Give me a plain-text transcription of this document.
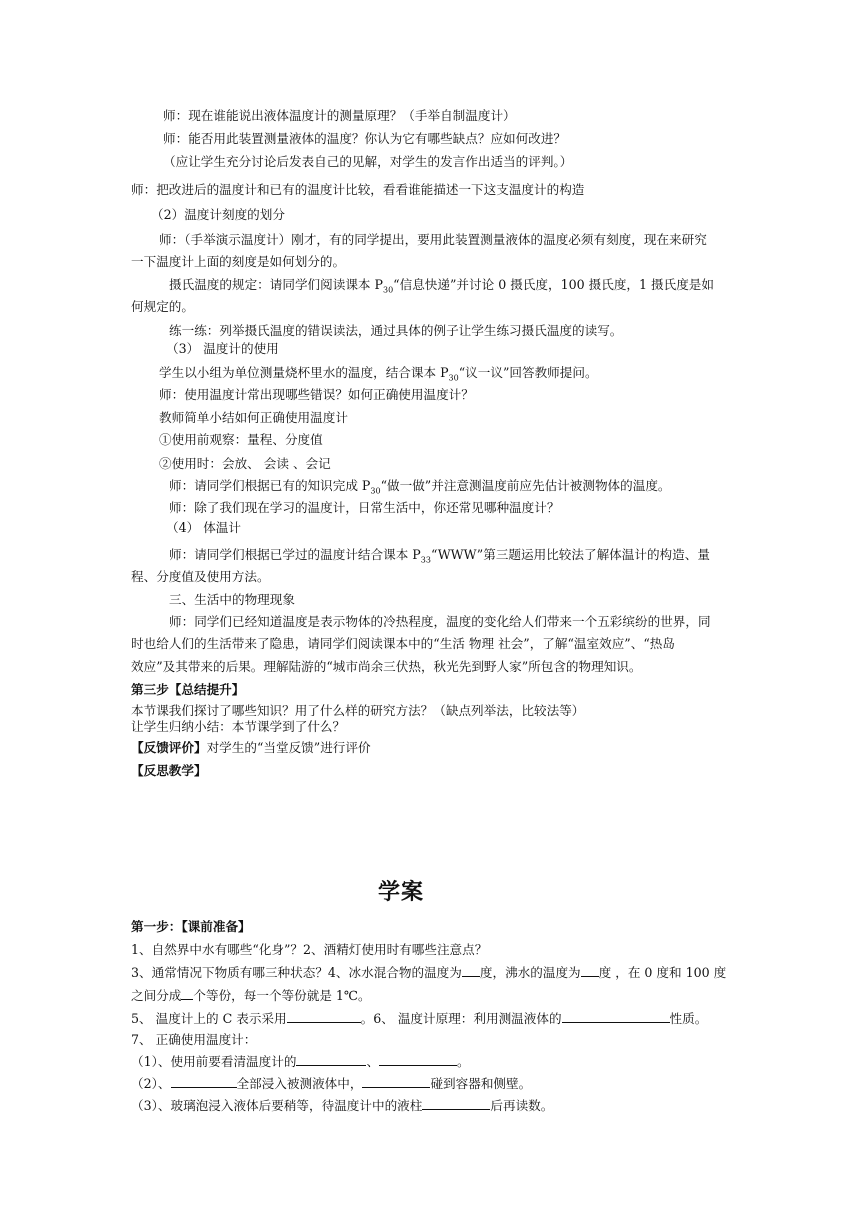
师：现在谁能说出液体温度计的测量原理？（手举自制温度计）
师：能否用此装置测量液体的温度？你认为它有哪些缺点？应如何改进？
（应让学生充分讨论后发表自己的见解，对学生的发言作出适当的评判。）
师：把改进后的温度计和已有的温度计比较，看看谁能描述一下这支温度计的构造
（2）温度计刻度的划分
师：（手举演示温度计）刚才，有的同学提出，要用此装置测量液体的温度必须有刻度，现在来研究
一下温度计上面的刻度是如何划分的。
摄氏温度的规定：请同学们阅读课本 $P_{30}“$信息快递”并讨论 0 摄氏度，100 摄氏度，1 摄氏度是如
何规定的。
练一练：列举摄氏温度的错误读法，通过具体的例子让学生练习摄氏温度的读写。
（3） 温度计的使用
学生以小组为单位测量烧杯里水的温度，结合课本 $P_{30}“$议一议”回答教师提问。
师：使用温度计常出现哪些错误？如何正确使用温度计？
教师简单小结如何正确使用温度计
①使用前观察：量程、分度值
②使用时：会放、 会读 、会记
师：请同学们根据已有的知识完成 $P_{30}“$做一做”并注意测温度前应先估计被测物体的温度。
师：除了我们现在学习的温度计，日常生活中，你还常见哪种温度计？
（4） 体温计
师：请同学们根据已学过的温度计结合课本 $P_{33}“WWW$”第三题运用比较法了解体温计的构造、量
程、分度值及使用方法。
三、生活中的物理现象
师：同学们已经知道温度是表示物体的冷热程度，温度的变化给人们带来一个五彩缤纷的世界，同
时也给人们的生活带来了隐患，请同学们阅读课本中的“生活 物理 社会”，了解“温室效应”、“热岛
效应”及其带来的后果。理解陆游的“城市尚余三伏热，秋光先到野人家”所包含的物理知识。
第三步【总结提升】
本节课我们探讨了哪些知识？用了什么样的研究方法？（缺点列举法，比较法等）
让学生归纳小结：本节课学到了什么？
【反馈评价】对学生的“当堂反馈”进行评价
【反思教学】
学案
第一步：【课前准备】
1、自然界中水有哪些“化身”？2、酒精灯使用时有哪些注意点？
3、通常情况下物质有哪三种状态？4、冰水混合物的温度为 度，沸水的温度为 度 ，在 0 度和 100 度
之间分成 个等份，每一个等份就是 1℃。
5、 温度计上的 C 表示采用	。6、 温度计原理：利用测温液体的	性质。
7、 正确使用温度计：
（1）、使用前要看清温度计的	、	。
（2）、	全部浸入被测液体中，	碰到容器和侧壁。
（3）、玻璃泡浸入液体后要稍等，待温度计中的液柱	后再读数。
